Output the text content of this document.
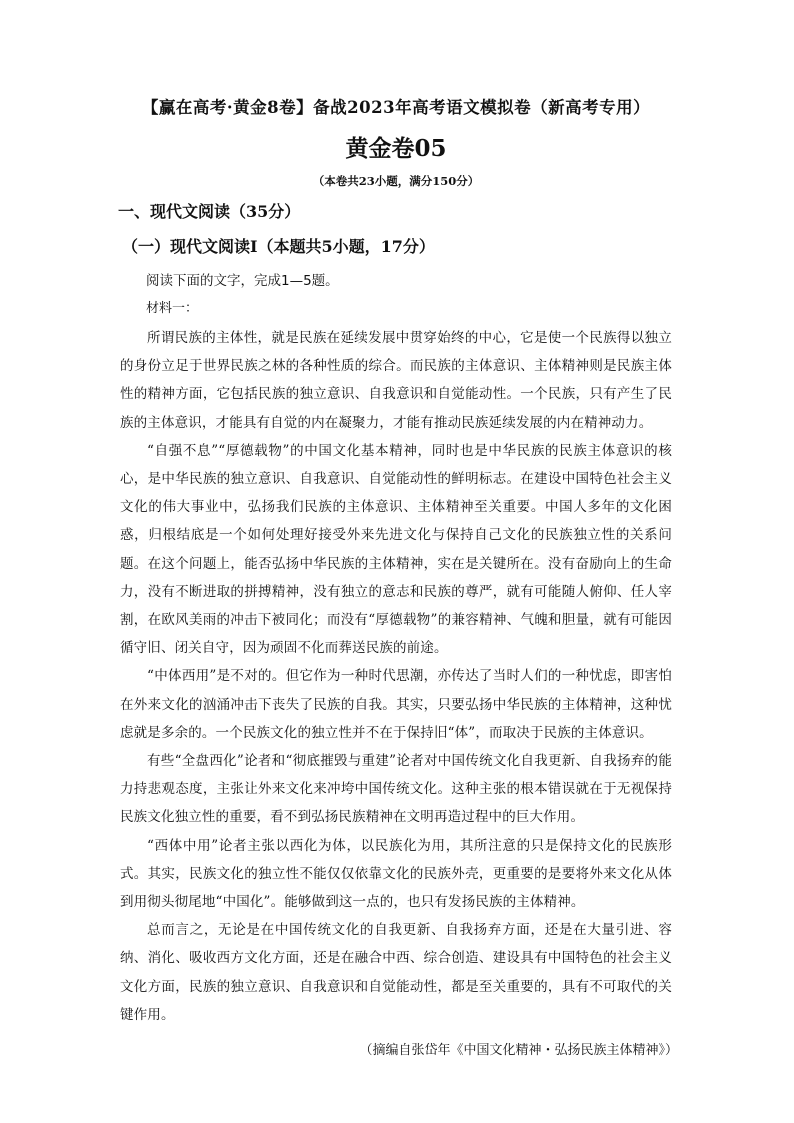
【赢在高考·黄金8卷】备战2023年高考语文模拟卷（新高考专用）
黄金卷05
（本卷共23小题，满分150分）
一、现代文阅读（35分）
（一）现代文阅读Ⅰ（本题共5小题，17分）
阅读下面的文字，完成1—5题。
材料一：

所谓民族的主体性，就是民族在延续发展中贯穿始终的中心，它是使一个民族得以独立的身份立足于世界民族之林的各种性质的综合。而民族的主体意识、主体精神则是民族主体性的精神方面，它包括民族的独立意识、自我意识和自觉能动性。一个民族，只有产生了民族的主体意识，才能具有自觉的内在凝聚力，才能有推动民族延续发展的内在精神动力。

“自强不息”“厚德载物”的中国文化基本精神，同时也是中华民族的民族主体意识的核心，是中华民族的独立意识、自我意识、自觉能动性的鲜明标志。在建设中国特色社会主义文化的伟大事业中，弘扬我们民族的主体意识、主体精神至关重要。中国人多年的文化困惑，归根结底是一个如何处理好接受外来先进文化与保持自己文化的民族独立性的关系问题。在这个问题上，能否弘扬中华民族的主体精神，实在是关键所在。没有奋励向上的生命力，没有不断进取的拼搏精神，没有独立的意志和民族的尊严，就有可能随人俯仰、任人宰割，在欧风美雨的冲击下被同化；而没有“厚德载物”的兼容精神、气魄和胆量，就有可能因循守旧、闭关自守，因为顽固不化而葬送民族的前途。

“中体西用”是不对的。但它作为一种时代思潮，亦传达了当时人们的一种忧虑，即害怕在外来文化的汹涌冲击下丧失了民族的自我。其实，只要弘扬中华民族的主体精神，这种忧虑就是多余的。一个民族文化的独立性并不在于保持旧“体”，而取决于民族的主体意识。

有些“全盘西化”论者和“彻底摧毁与重建”论者对中国传统文化自我更新、自我扬弃的能力持悲观态度，主张让外来文化来冲垮中国传统文化。这种主张的根本错误就在于无视保持民族文化独立性的重要，看不到弘扬民族精神在文明再造过程中的巨大作用。

“西体中用”论者主张以西化为体，以民族化为用，其所注意的只是保持文化的民族形式。其实，民族文化的独立性不能仅仅依靠文化的民族外壳，更重要的是要将外来文化从体到用彻头彻尾地“中国化”。能够做到这一点的，也只有发扬民族的主体精神。

总而言之，无论是在中国传统文化的自我更新、自我扬弃方面，还是在大量引进、容纳、消化、吸收西方文化方面，还是在融合中西、综合创造、建设具有中国特色的社会主义文化方面，民族的独立意识、自我意识和自觉能动性，都是至关重要的，具有不可取代的关键作用。

（摘编自张岱年《中国文化精神・弘扬民族主体精神》）
